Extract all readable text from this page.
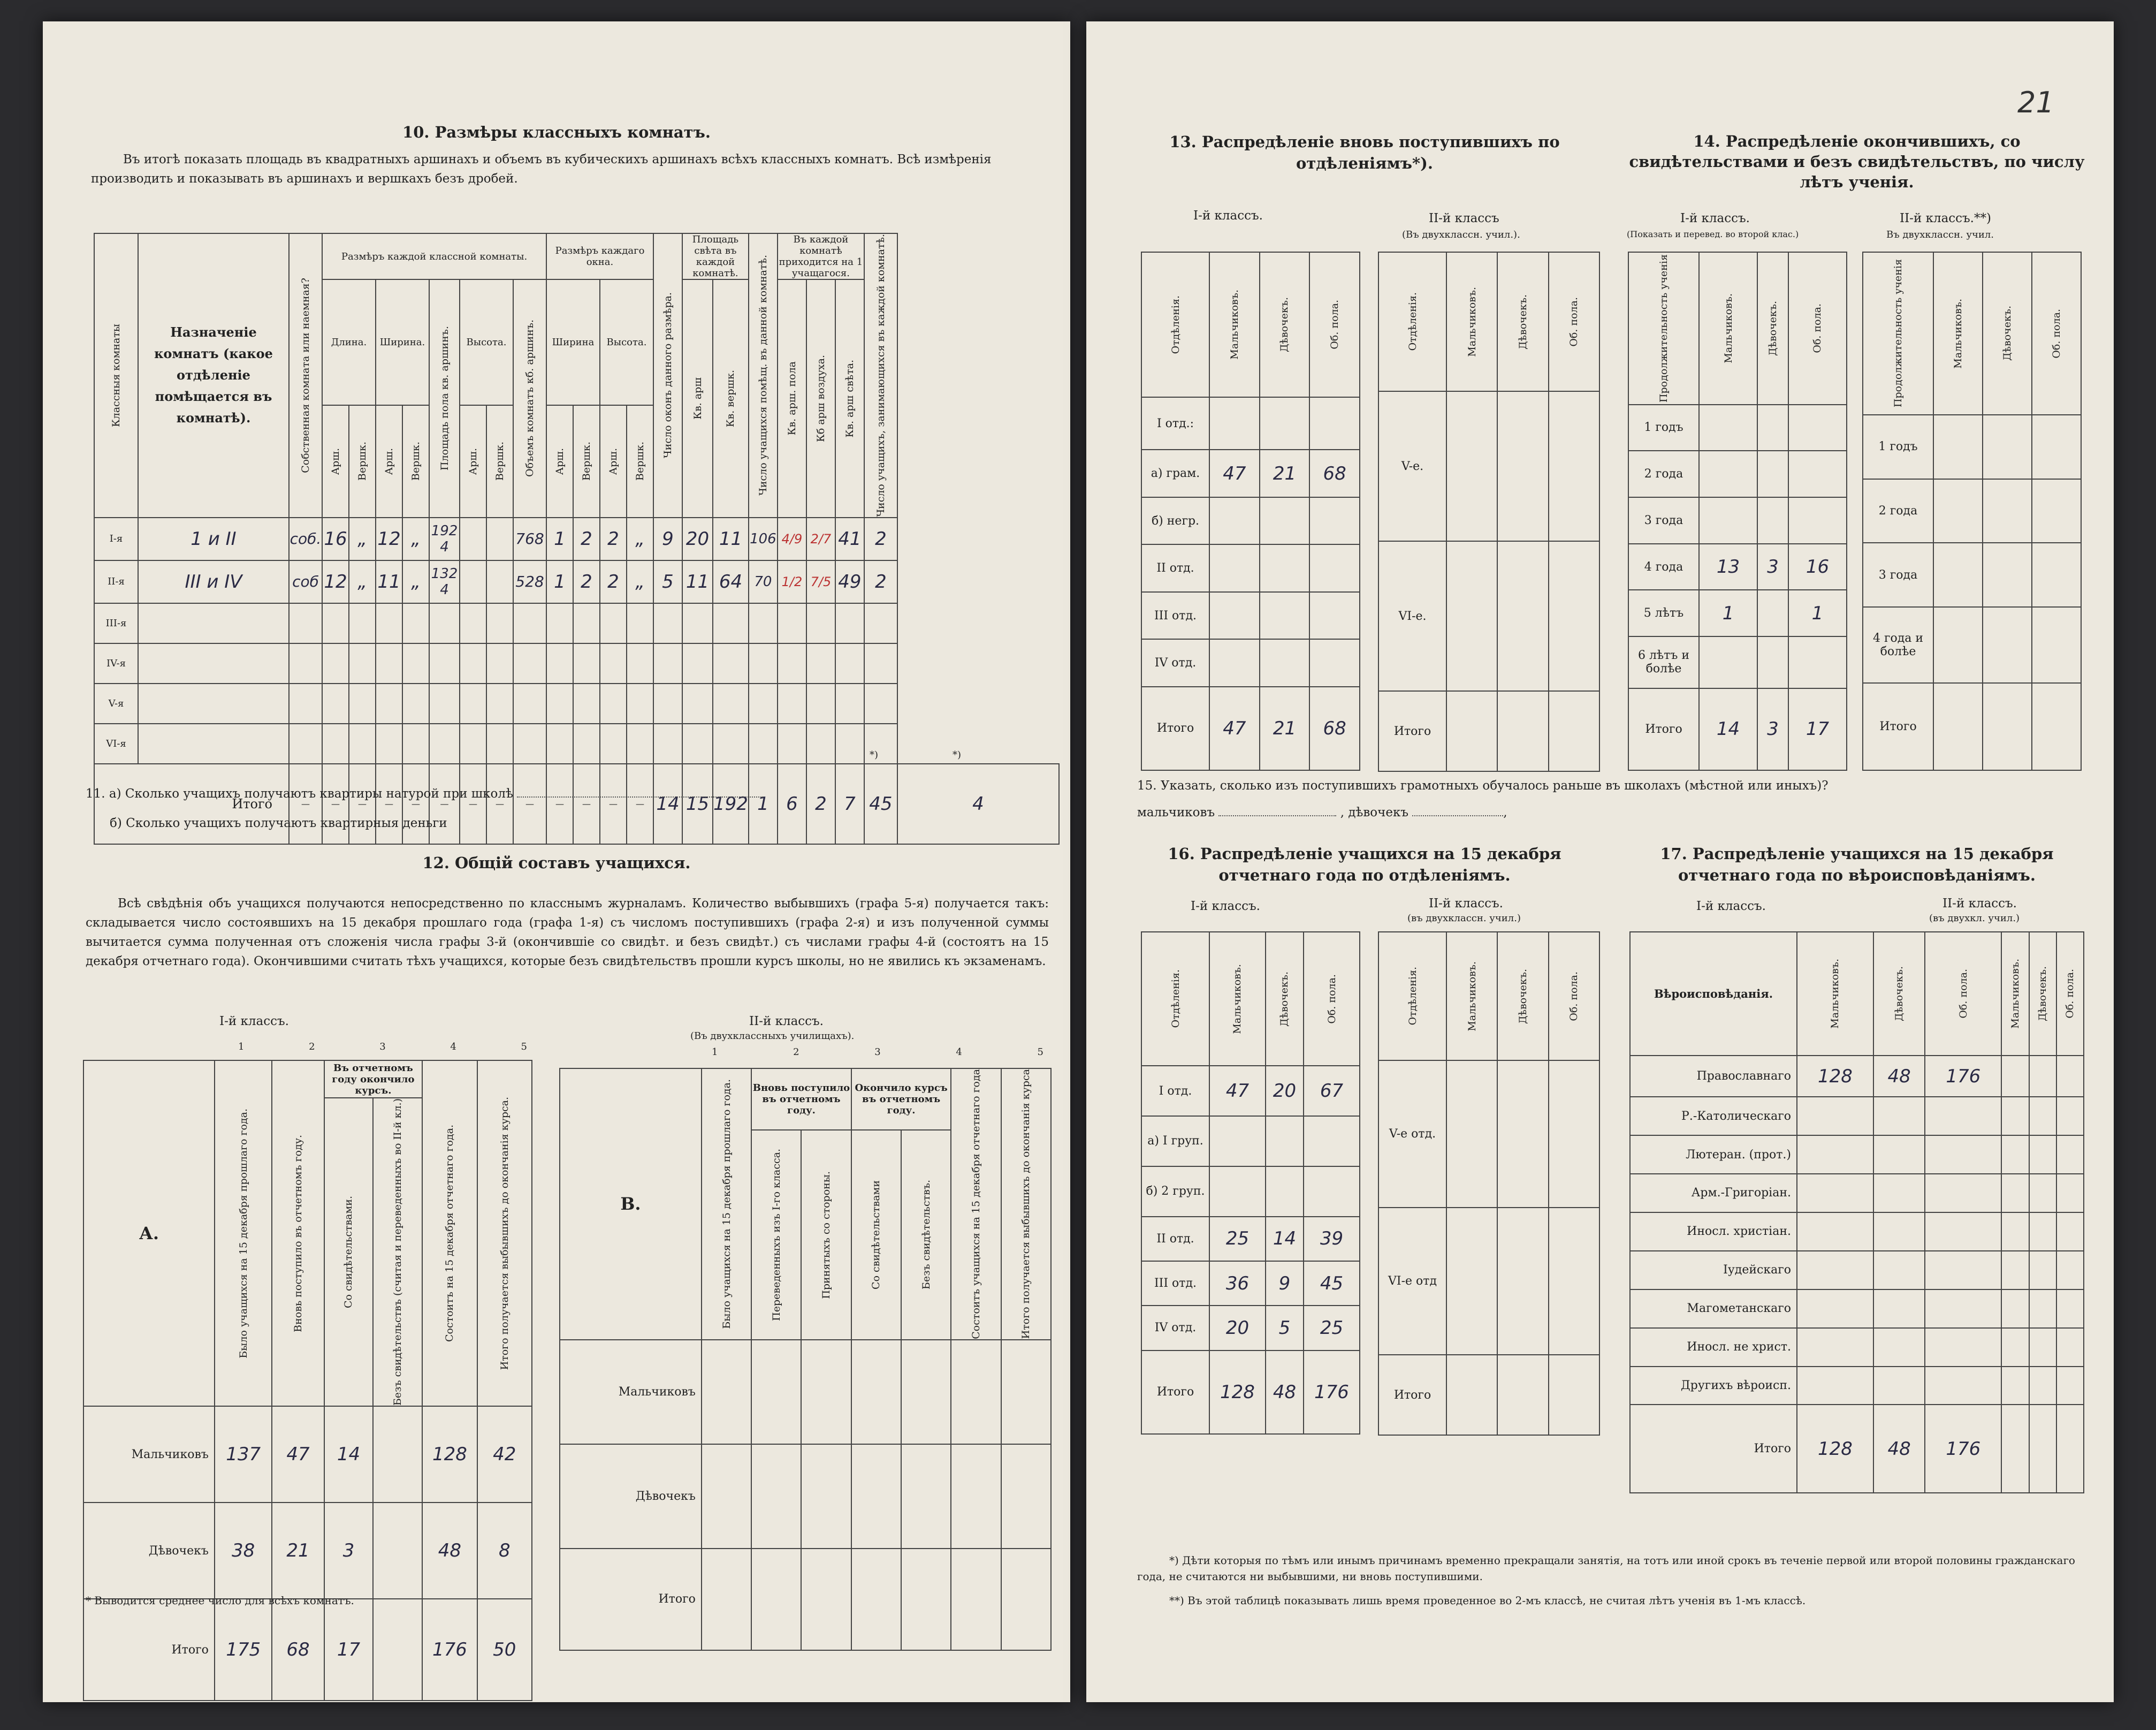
10. Размѣры классныхъ комнатъ.
Въ итогѣ показать площадь въ квадратныхъ аршинахъ и объемъ въ кубическихъ аршинахъ всѣхъ классныхъ комнатъ. Всѣ измѣренія производить и показывать въ аршинахъ и вершкахъ безъ дробей.
Классныя комнаты	Назначеніе комнатъ (какое отдѣленіе помѣщается въ комнатѣ).	Собственная комната или наемная?	Размѣръ каждой классной комнаты.								Размѣръ каждаго окна.				Число оконъ данного размѣра.	Площадь свѣта въ каждой комнатѣ.		Число учащихся помѣщ. въ данной комнатѣ.	Въ каждой комнатѣ приходится на 1 учащагося.			Число учащихъ, занимающихся въ каждой комнатѣ.	

			Длина.		Ширина.		Площадь пола кв. аршинъ.	Высота.		Объемъ комнатъ кб. аршинъ.	Ширина		Высота.			Кв. арш	Кв. вершк.		Кв. арш. пола	Кб арш воздуха.	Кв. арш свѣта.		

			Арш.	Вершк.	Арш.	Вершк.		Арш.	Вершк.		Арш.	Вершк.	Арш.	Вершк.									

I-я	1 и II	соб.	16	„	12	„	192 4			768	1	2	2	„	9	20	11	106	4/9	2/7	41	2	
II-я	III и IV	соб	12	„	11	„	132 4			528	1	2	2	„	5	11	64	70	1/2	7/5	49	2	
III-я																							
IV-я																							
V-я																							
VI-я																							
Итого		—	—	—	—	—	—	—	—	—	—	—	—	—	14	15	192	1	6	2	7	45	4
*)	*)
11. а) Сколько учащихъ получаютъ квартиры натурой при школѣ
б) Сколько учащихъ получаютъ квартирныя деньги
12. Общій составъ учащихся.
Всѣ свѣдѣнія объ учащихся получаются непосредственно по класснымъ журналамъ. Количество выбывшихъ (графа 5-я) получается такъ: складывается число состоявшихъ на 15 декабря прошлаго года (графа 1-я) съ числомъ поступившихъ (графа 2-я) и изъ полученной суммы вычитается сумма полученная отъ сложенія числа графы 3-й (окончившіе со свидѣт. и безъ свидѣт.) съ числами графы 4-й (состоятъ на 15 декабря отчетнаго года). Окончившими считать тѣхъ учащихся, которые безъ свидѣтельствъ прошли курсъ школы, но не явились къ экзаменамъ.
I-й классъ.
1	2	3	4	5
А.	Было учащихся на 15 декабря прошлаго года.	Вновь поступило въ отчетномъ году.	Въ отчетномъ году окончило курсъ.		Состоитъ на 15 декабря отчетнаго года.	Итого получается выбывшихъ до окончанія курса.

			Со свидѣтельствами.	Безъ свидѣтельствъ (считая и переведенныхъ во II-й кл.)		

Мальчиковъ	137	47	14		128	42
Дѣвочекъ	38	21	3		48	8
Итого	175	68	17		176	50
II-й классъ.
(Въ двухклассныхъ училищахъ).
1	2	3	4	5
В.	Было учащихся на 15 декабря прошлаго года.	Вновь поступило въ отчетномъ году.		Окончило курсъ въ отчетномъ году.		Состоитъ учащихся на 15 декабря отчетнаго года	Итого получается выбывшихъ до окончанія курса

		Переведенныхъ изъ I-го класса.	Принятыхъ со стороны.	Со свидѣтельствами	Безъ свидѣтельствъ.		

Мальчиковъ							
Дѣвочекъ							
Итого							
* Выводится среднее число для всѣхъ комнатъ.
21
13. Распредѣленіе вновь поступившихъ по отдѣленіямъ*).
I-й классъ.	II-й классъ
(Въ двухклассн. учил.).
Отдѣленія.	Мальчиковъ.	Дѣвочекъ.	Об. пола.

I отд.:			
а) грам.	47	21	68
б) негр.			
II отд.			
III отд.			
IV отд.			
Итого	47	21	68
Отдѣленія.	Мальчиковъ.	Дѣвочекъ.	Об. пола.

V-е.			
VI-е.			
Итого			
14. Распредѣленіе окончившихъ, со свидѣтельствами и безъ свидѣтельствъ, по числу лѣтъ ученія.
I-й классъ.
(Показать и перевед. во второй клас.)
II-й классъ.**)
Въ двухклассн. учил.
Продолжительность ученія	Мальчиковъ.	Дѣвочекъ.	Об. пола.

1 годъ			
2 года			
3 года			
4 года	13	3	16
5 лѣтъ	1		1
6 лѣтъ и болѣе			
Итого	14	3	17
Продолжительность ученія	Мальчиковъ.	Дѣвочекъ.	Об. пола.

1 годъ			
2 года			
3 года			
4 года и болѣе			
Итого			
15. Указать, сколько изъ поступившихъ грамотныхъ обучалось раньше въ школахъ (мѣстной или иныхъ)?
мальчиковъ	, дѣвочекъ	,
16. Распредѣленіе учащихся на 15 декабря отчетнаго года по отдѣленіямъ.
I-й классъ.	II-й классъ.
(въ двухклассн. учил.)
Отдѣленія.	Мальчиковъ.	Дѣвочекъ.	Об. пола.

I отд.	47	20	67
а) I груп.			
б) 2 груп.			
II отд.	25	14	39
III отд.	36	9	45
IV отд.	20	5	25
Итого	128	48	176
Отдѣленія.	Мальчиковъ.	Дѣвочекъ.	Об. пола.

V-е отд.			
VI-е отд			
Итого			
17. Распредѣленіе учащихся на 15 декабря отчетнаго года по вѣроисповѣданіямъ.
I-й классъ.	II-й классъ.
(въ двухкл. учил.)
Вѣроисповѣданія.	Мальчиковъ.	Дѣвочекъ.	Об. пола.	Мальчиковъ.	Дѣвочекъ.	Об. пола.

Православнаго	128	48	176			
Р.-Католическаго						
Лютеран. (прот.)						
Арм.-Григоріан.						
Иносл. христіан.						
Іудейскаго						
Магометанскаго						
Иносл. не христ.						
Другихъ вѣроисп.						
Итого	128	48	176			
*) Дѣти которыя по тѣмъ или инымъ причинамъ временно прекращали занятія, на тотъ или иной срокъ въ теченіе первой или второй половины гражданскаго года, не считаются ни выбывшими, ни вновь поступившими.
**) Въ этой таблицѣ показывать лишь время проведенное во 2-мъ классѣ, не считая лѣтъ ученія въ 1-мъ классѣ.
